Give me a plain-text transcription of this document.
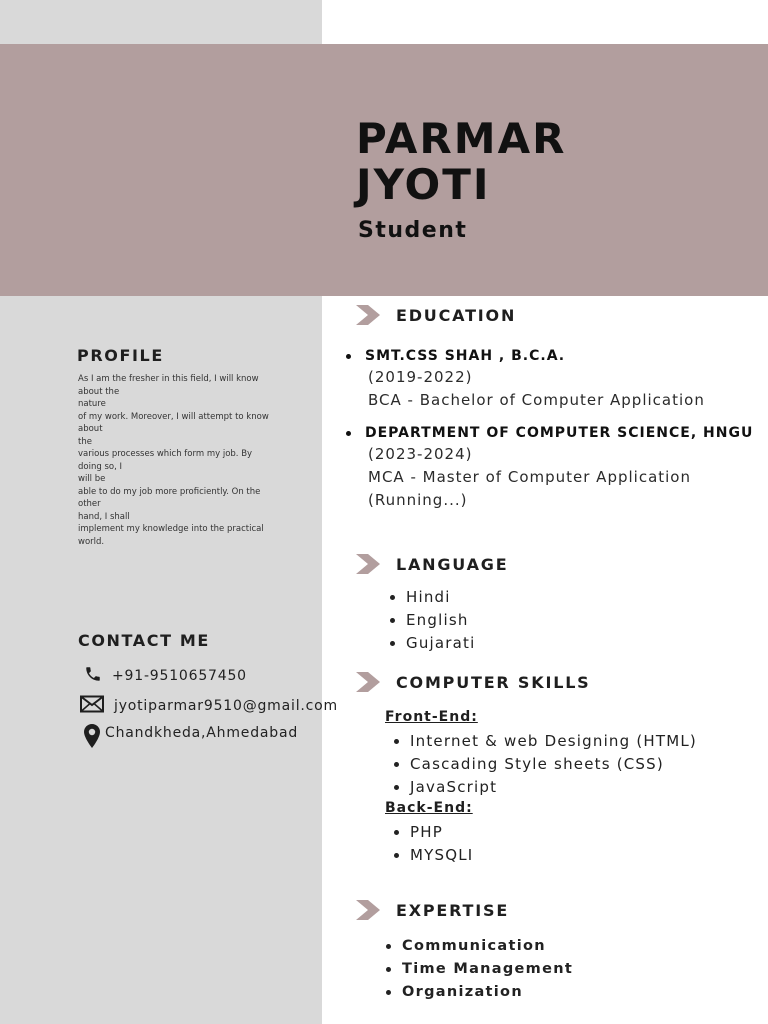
PARMAR
JYOTI
Student
PROFILE
As I am the fresher in this field, I will know
about the
nature
of my work. Moreover, I will attempt to know
about
the
various processes which form my job. By
doing so, I
will be
able to do my job more proficiently. On the
other
hand, I shall
implement my knowledge into the practical
world.
CONTACT ME
+91-9510657450
jyotiparmar9510@gmail.com
Chandkheda,Ahmedabad
EDUCATION
SMT.CSS SHAH , B.C.A.
(2019-2022)
BCA - Bachelor of Computer Application
DEPARTMENT OF COMPUTER SCIENCE, HNGU
(2023-2024)
MCA - Master of Computer Application
(Running...)
LANGUAGE
Hindi
English
Gujarati
COMPUTER SKILLS
Front-End:
Internet & web Designing (HTML)
Cascading Style sheets (CSS)
JavaScript
Back-End:
PHP
MYSQLI
EXPERTISE
Communication
Time Management
Organization
